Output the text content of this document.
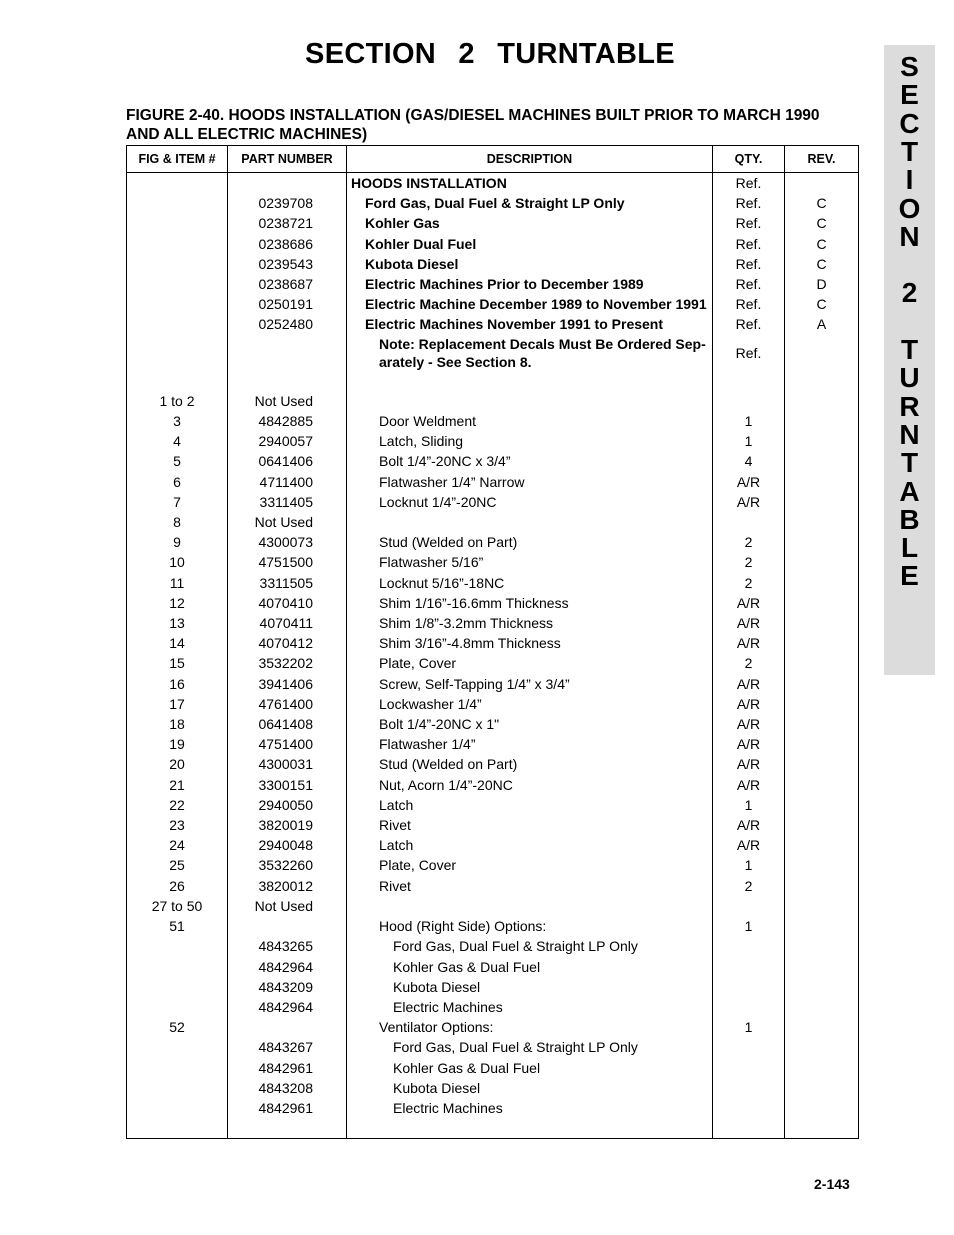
SECTION 2 TURNTABLE
FIGURE 2-40. HOODS INSTALLATION (GAS/DIESEL MACHINES BUILT PRIOR TO MARCH 1990 AND ALL ELECTRIC MACHINES)
S
E
C
T
I
O
N
2
T
U
R
N
T
A
B
L
E
FIG & ITEM #	PART NUMBER	DESCRIPTION	QTY.	REV.
		HOODS INSTALLATION	Ref.	
	0239708	Ford Gas, Dual Fuel & Straight LP Only	Ref.	C
	0238721	Kohler Gas	Ref.	C
	0238686	Kohler Dual Fuel	Ref.	C
	0239543	Kubota Diesel	Ref.	C
	0238687	Electric Machines Prior to December 1989	Ref.	D
	0250191	Electric Machine December 1989 to November 1991	Ref.	C
	0252480	Electric Machines November 1991 to Present	Ref.	A

		Note: Replacement Decals Must Be Ordered Sep- arately - See Section 8.	Ref.	

1 to 2	Not Used	

3	4842885	Door Weldment	1	
4	2940057	Latch, Sliding	1	
5	0641406	Bolt 1/4”-20NC x 3/4”	4	
6	4711400	Flatwasher 1/4” Narrow	A/R	
7	3311405	Locknut 1/4”-20NC	A/R	
8	Not Used	

9	4300073	Stud (Welded on Part)	2	
10	4751500	Flatwasher 5/16”	2	
11	3311505	Locknut 5/16”-18NC	2	
12	4070410	Shim 1/16”-16.6mm Thickness	A/R	
13	4070411	Shim 1/8”-3.2mm Thickness	A/R	
14	4070412	Shim 3/16”-4.8mm Thickness	A/R	
15	3532202	Plate, Cover	2	
16	3941406	Screw, Self-Tapping 1/4” x 3/4”	A/R	
17	4761400	Lockwasher 1/4”	A/R	
18	0641408	Bolt 1/4”-20NC x 1"	A/R	
19	4751400	Flatwasher 1/4”	A/R	
20	4300031	Stud (Welded on Part)	A/R	
21	3300151	Nut, Acorn 1/4”-20NC	A/R	
22	2940050	Latch	1	
23	3820019	Rivet	A/R	
24	2940048	Latch	A/R	
25	3532260	Plate, Cover	1	
26	3820012	Rivet	2	
27 to 50	Not Used	

51		Hood (Right Side) Options:	1	
	4843265	Ford Gas, Dual Fuel & Straight LP Only		

	4842964	Kohler Gas & Dual Fuel		

	4843209	Kubota Diesel		

	4842964	Electric Machines		

52		Ventilator Options:	1	
	4843267	Ford Gas, Dual Fuel & Straight LP Only		

	4842961	Kohler Gas & Dual Fuel		

	4843208	Kubota Diesel		

	4842961	Electric Machines		

2-143
